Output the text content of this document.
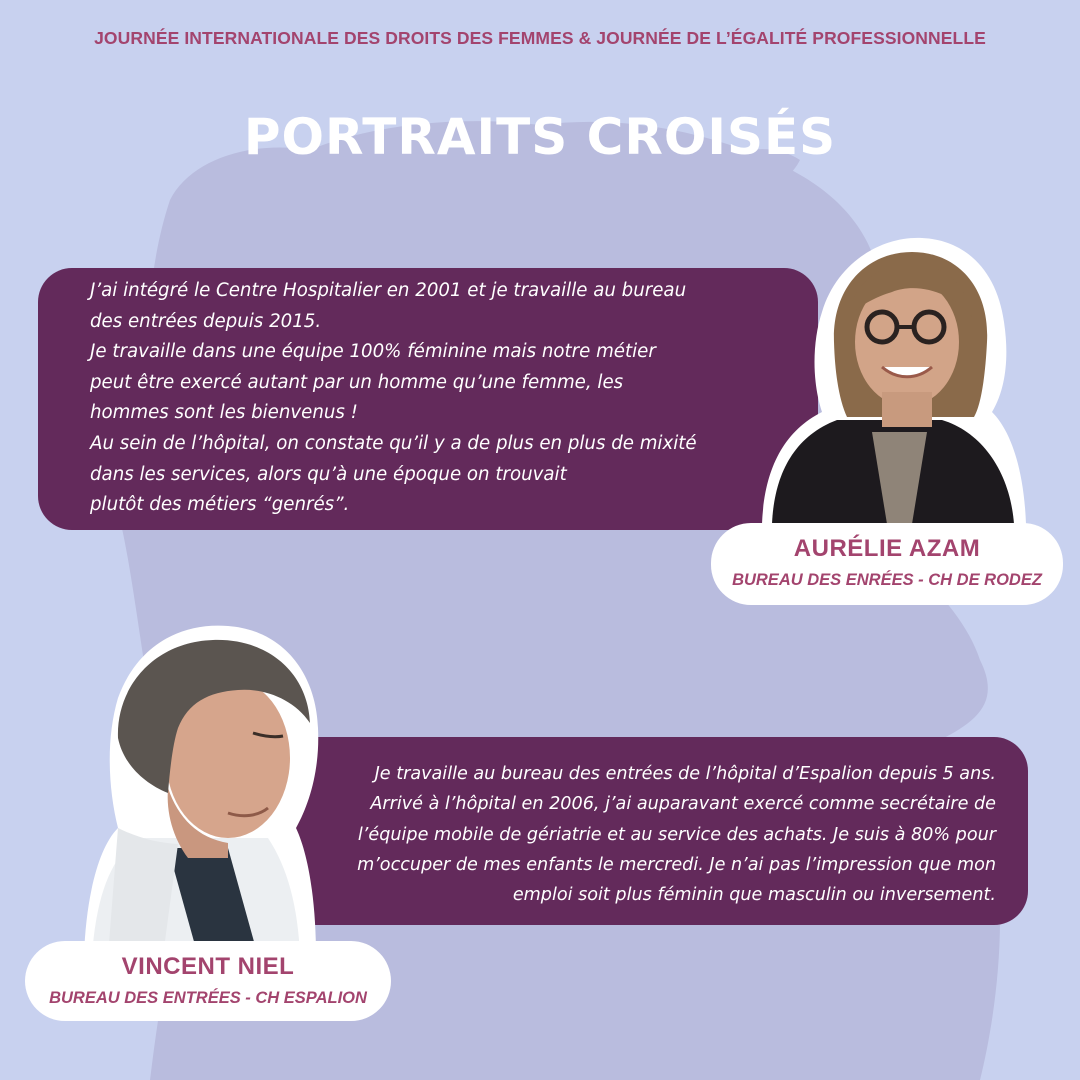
JOURNÉE INTERNATIONALE DES DROITS DES FEMMES & JOURNÉE DE L’ÉGALITÉ PROFESSIONNELLE
PORTRAITS CROISÉS
J’ai intégré le Centre Hospitalier en 2001 et je travaille au bureau
des entrées depuis 2015.
Je travaille dans une équipe 100% féminine mais notre métier
peut être exercé autant par un homme qu’une femme, les
hommes sont les bienvenus !
Au sein de l’hôpital, on constate qu’il y a de plus en plus de mixité
dans les services, alors qu’à une époque on trouvait
plutôt des métiers “genrés”.
AURÉLIE AZAM
BUREAU DES ENRÉES - CH DE RODEZ
Je travaille au bureau des entrées de l’hôpital d’Espalion depuis 5 ans.
Arrivé à l’hôpital en 2006, j’ai auparavant exercé comme secrétaire de
l’équipe mobile de gériatrie et au service des achats. Je suis à 80% pour
m’occuper de mes enfants le mercredi. Je n’ai pas l’impression que mon
emploi soit plus féminin que masculin ou inversement.
VINCENT NIEL
BUREAU DES ENTRÉES - CH ESPALION
